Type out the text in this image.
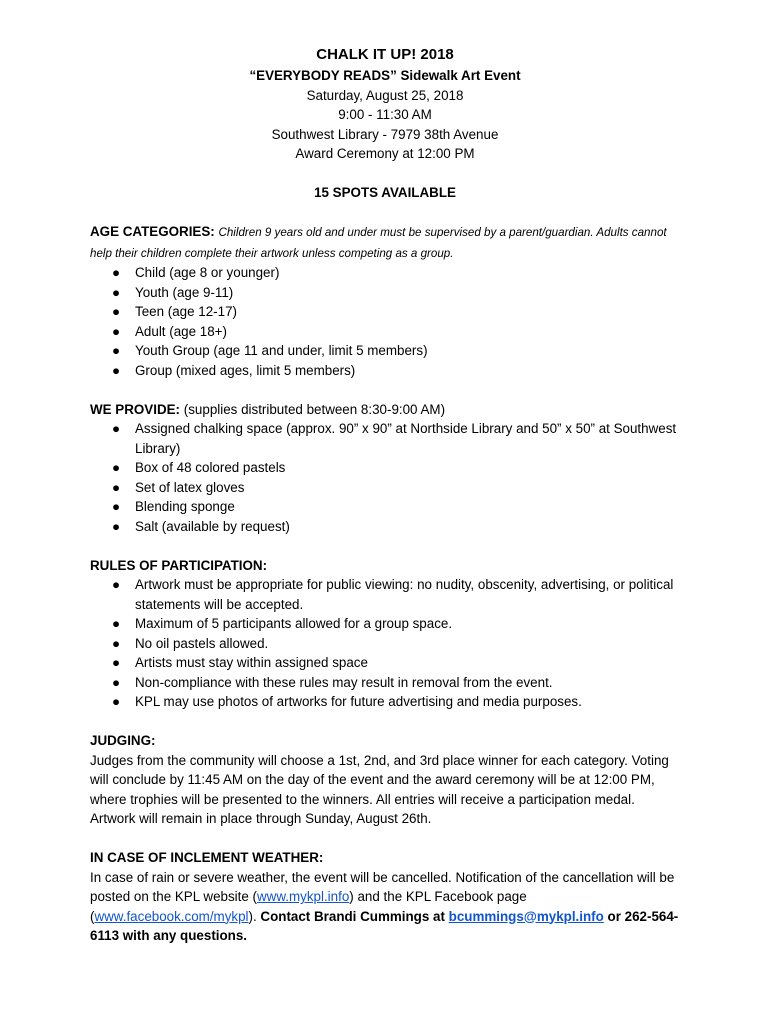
CHALK IT UP! 2018
“EVERYBODY READS” Sidewalk Art Event
Saturday, August 25, 2018
9:00 - 11:30 AM
Southwest Library - 7979 38th Avenue
Award Ceremony at 12:00 PM
15 SPOTS AVAILABLE
AGE CATEGORIES: Children 9 years old and under must be supervised by a parent/guardian. Adults cannot help their children complete their artwork unless competing as a group.
● Child (age 8 or younger)
● Youth (age 9-11)
● Teen (age 12-17)
● Adult (age 18+)
● Youth Group (age 11 and under, limit 5 members)
● Group (mixed ages, limit 5 members)
WE PROVIDE: (supplies distributed between 8:30-9:00 AM)
● Assigned chalking space (approx. 90” x 90” at Northside Library and 50” x 50” at Southwest Library)
● Box of 48 colored pastels
● Set of latex gloves
● Blending sponge
● Salt (available by request)
RULES OF PARTICIPATION:
● Artwork must be appropriate for public viewing: no nudity, obscenity, advertising, or political statements will be accepted.
● Maximum of 5 participants allowed for a group space.
● No oil pastels allowed.
● Artists must stay within assigned space
● Non-compliance with these rules may result in removal from the event.
● KPL may use photos of artworks for future advertising and media purposes.
JUDGING:
Judges from the community will choose a 1st, 2nd, and 3rd place winner for each category. Voting will conclude by 11:45 AM on the day of the event and the award ceremony will be at 12:00 PM, where trophies will be presented to the winners. All entries will receive a participation medal. Artwork will remain in place through Sunday, August 26th.
IN CASE OF INCLEMENT WEATHER:
In case of rain or severe weather, the event will be cancelled. Notification of the cancellation will be posted on the KPL website (www.mykpl.info) and the KPL Facebook page (www.facebook.com/mykpl). Contact Brandi Cummings at bcummings@mykpl.info or 262-564-6113 with any questions.
